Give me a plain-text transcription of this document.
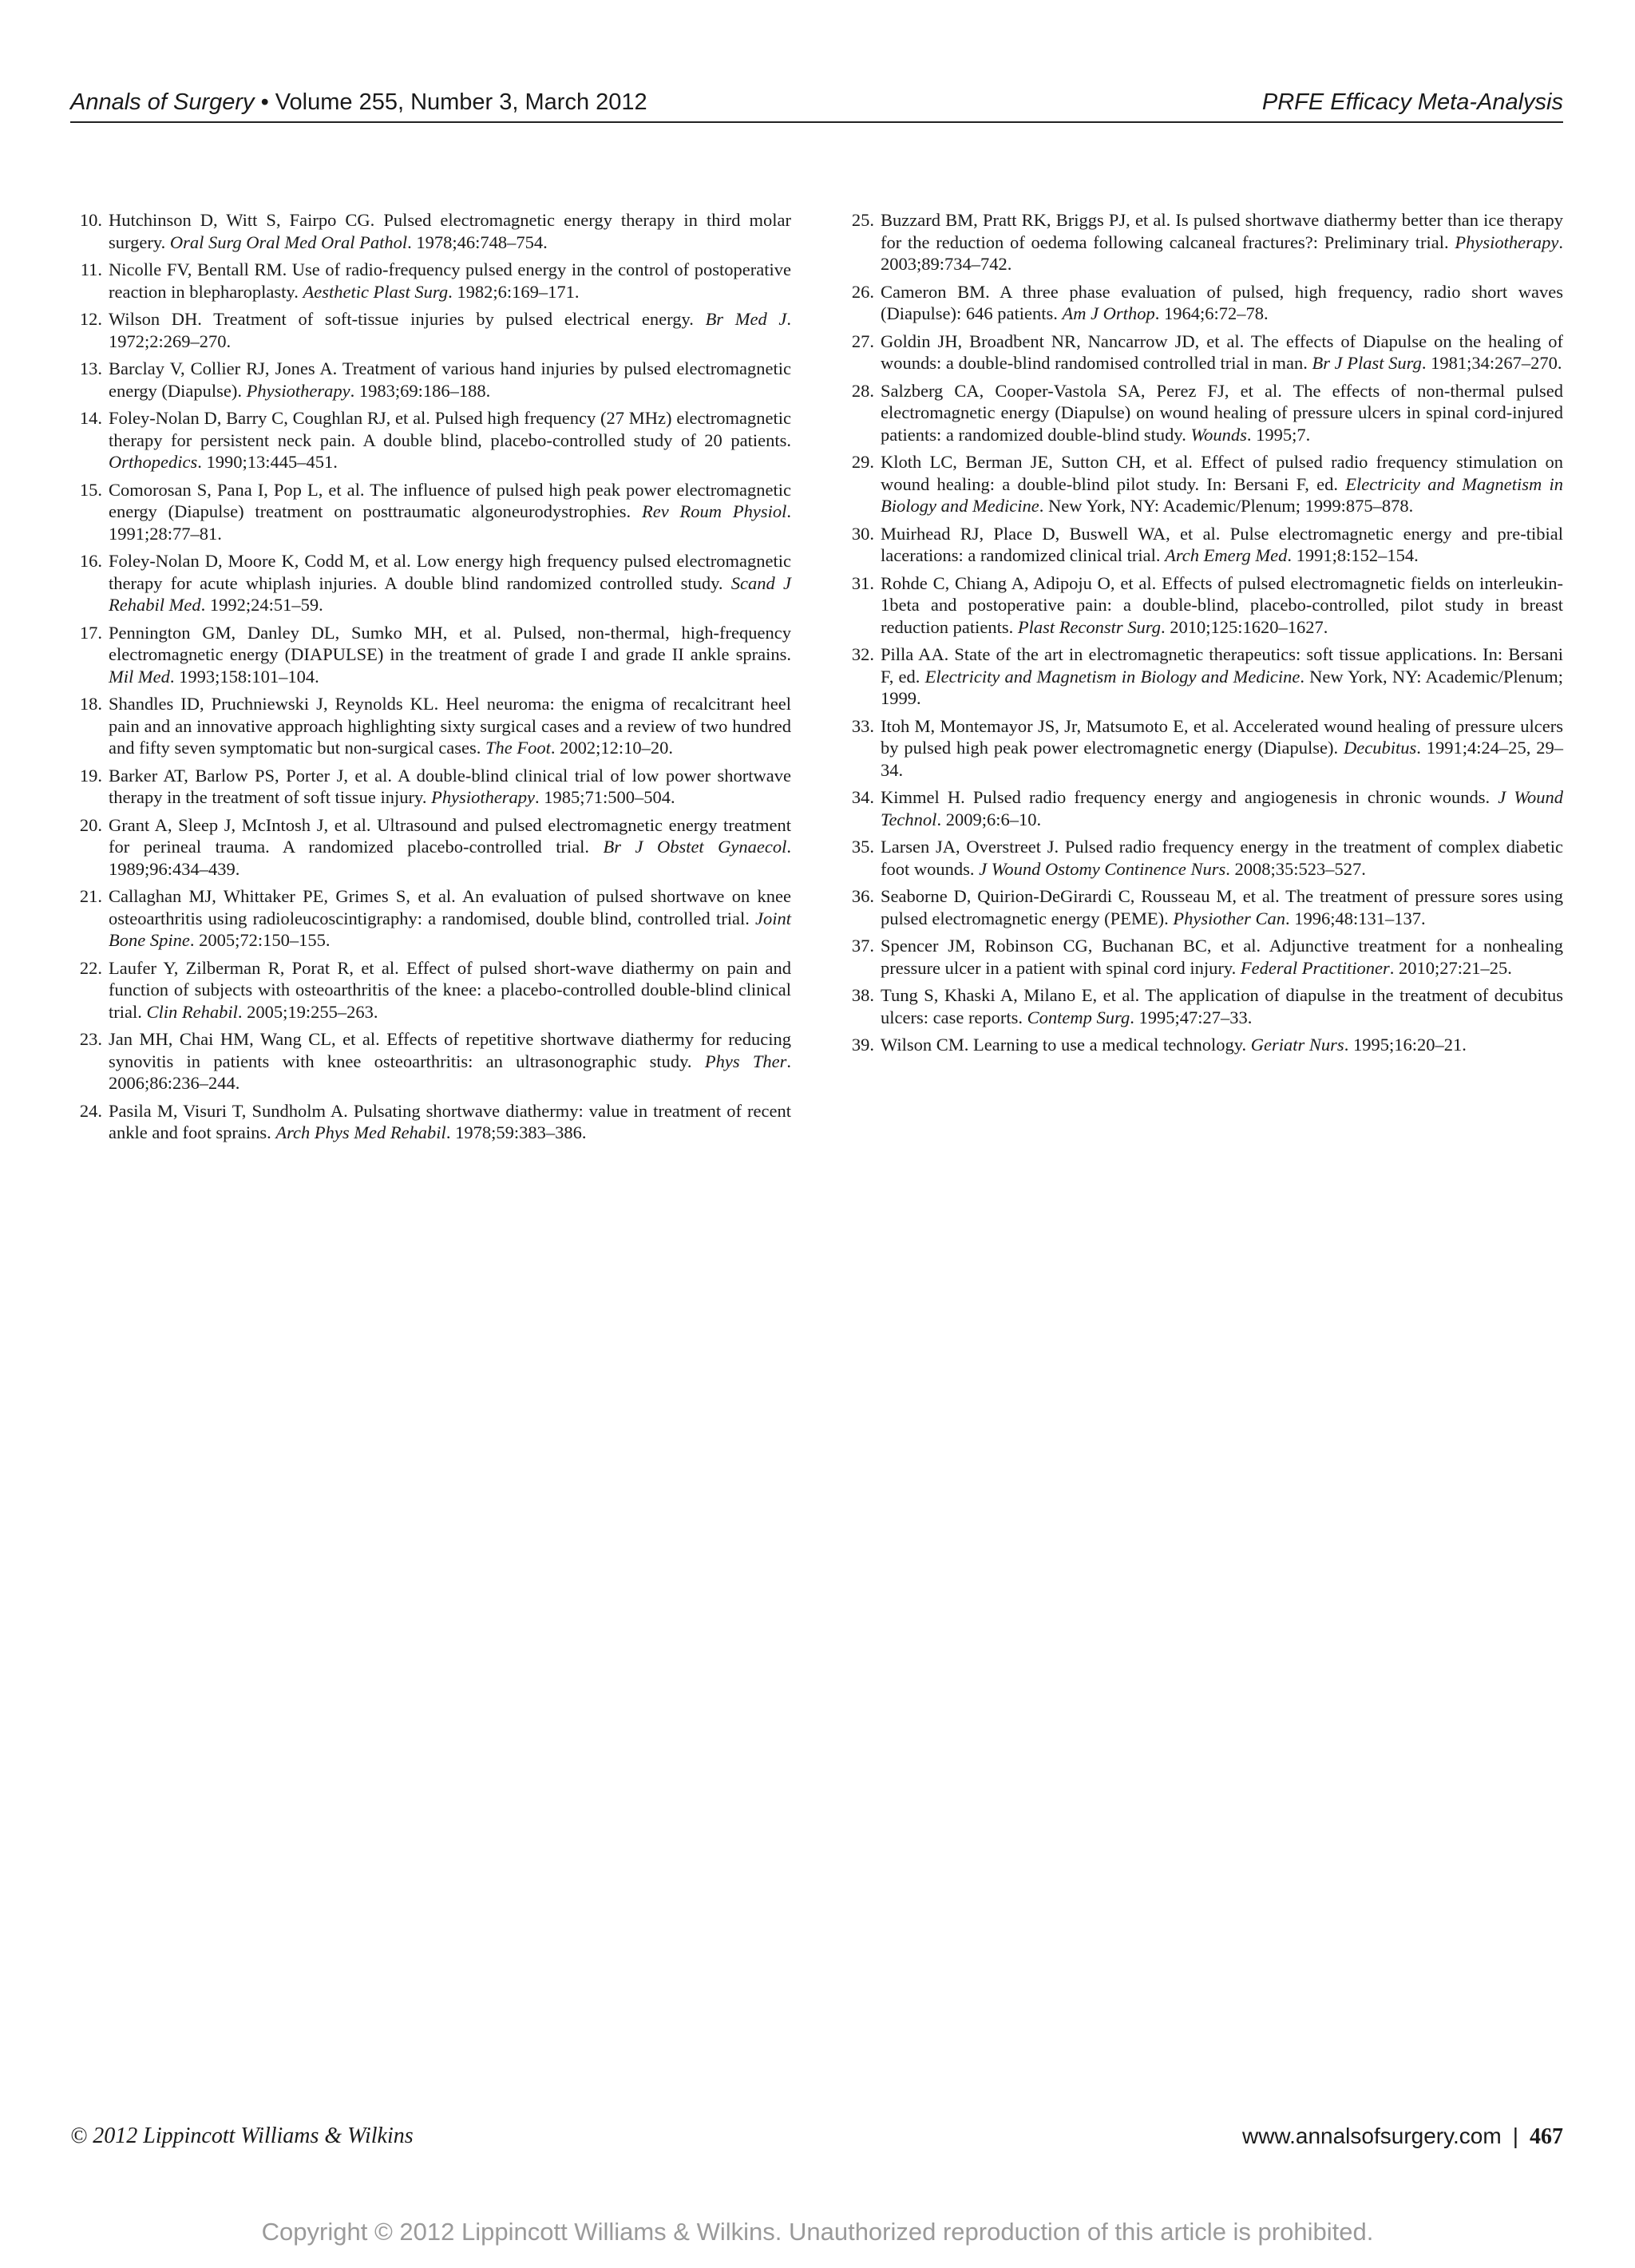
Annals of Surgery • Volume 255, Number 3, March 2012	PRFE Efficacy Meta-Analysis
10. Hutchinson D, Witt S, Fairpo CG. Pulsed electromagnetic energy therapy in third molar surgery. Oral Surg Oral Med Oral Pathol. 1978;46:748–754.
11. Nicolle FV, Bentall RM. Use of radio-frequency pulsed energy in the control of postoperative reaction in blepharoplasty. Aesthetic Plast Surg. 1982;6:169–171.
12. Wilson DH. Treatment of soft-tissue injuries by pulsed electrical energy. Br Med J. 1972;2:269–270.
13. Barclay V, Collier RJ, Jones A. Treatment of various hand injuries by pulsed electromagnetic energy (Diapulse). Physiotherapy. 1983;69:186–188.
14. Foley-Nolan D, Barry C, Coughlan RJ, et al. Pulsed high frequency (27 MHz) electromagnetic therapy for persistent neck pain. A double blind, placebo-controlled study of 20 patients. Orthopedics. 1990;13:445–451.
15. Comorosan S, Pana I, Pop L, et al. The influence of pulsed high peak power electromagnetic energy (Diapulse) treatment on posttraumatic algoneurodystrophies. Rev Roum Physiol. 1991;28:77–81.
16. Foley-Nolan D, Moore K, Codd M, et al. Low energy high frequency pulsed electromagnetic therapy for acute whiplash injuries. A double blind randomized controlled study. Scand J Rehabil Med. 1992;24:51–59.
17. Pennington GM, Danley DL, Sumko MH, et al. Pulsed, non-thermal, high-frequency electromagnetic energy (DIAPULSE) in the treatment of grade I and grade II ankle sprains. Mil Med. 1993;158:101–104.
18. Shandles ID, Pruchniewski J, Reynolds KL. Heel neuroma: the enigma of recalcitrant heel pain and an innovative approach highlighting sixty surgical cases and a review of two hundred and fifty seven symptomatic but non-surgical cases. The Foot. 2002;12:10–20.
19. Barker AT, Barlow PS, Porter J, et al. A double-blind clinical trial of low power shortwave therapy in the treatment of soft tissue injury. Physiotherapy. 1985;71:500–504.
20. Grant A, Sleep J, McIntosh J, et al. Ultrasound and pulsed electromagnetic energy treatment for perineal trauma. A randomized placebo-controlled trial. Br J Obstet Gynaecol. 1989;96:434–439.
21. Callaghan MJ, Whittaker PE, Grimes S, et al. An evaluation of pulsed shortwave on knee osteoarthritis using radioleucoscintigraphy: a randomised, double blind, controlled trial. Joint Bone Spine. 2005;72:150–155.
22. Laufer Y, Zilberman R, Porat R, et al. Effect of pulsed short-wave diathermy on pain and function of subjects with osteoarthritis of the knee: a placebo-controlled double-blind clinical trial. Clin Rehabil. 2005;19:255–263.
23. Jan MH, Chai HM, Wang CL, et al. Effects of repetitive shortwave diathermy for reducing synovitis in patients with knee osteoarthritis: an ultrasonographic study. Phys Ther. 2006;86:236–244.
24. Pasila M, Visuri T, Sundholm A. Pulsating shortwave diathermy: value in treatment of recent ankle and foot sprains. Arch Phys Med Rehabil. 1978;59:383–386.
25. Buzzard BM, Pratt RK, Briggs PJ, et al. Is pulsed shortwave diathermy better than ice therapy for the reduction of oedema following calcaneal fractures?: Preliminary trial. Physiotherapy. 2003;89:734–742.
26. Cameron BM. A three phase evaluation of pulsed, high frequency, radio short waves (Diapulse): 646 patients. Am J Orthop. 1964;6:72–78.
27. Goldin JH, Broadbent NR, Nancarrow JD, et al. The effects of Diapulse on the healing of wounds: a double-blind randomised controlled trial in man. Br J Plast Surg. 1981;34:267–270.
28. Salzberg CA, Cooper-Vastola SA, Perez FJ, et al. The effects of non-thermal pulsed electromagnetic energy (Diapulse) on wound healing of pressure ulcers in spinal cord-injured patients: a randomized double-blind study. Wounds. 1995;7.
29. Kloth LC, Berman JE, Sutton CH, et al. Effect of pulsed radio frequency stimulation on wound healing: a double-blind pilot study. In: Bersani F, ed. Electricity and Magnetism in Biology and Medicine. New York, NY: Academic/Plenum; 1999:875–878.
30. Muirhead RJ, Place D, Buswell WA, et al. Pulse electromagnetic energy and pre-tibial lacerations: a randomized clinical trial. Arch Emerg Med. 1991;8:152–154.
31. Rohde C, Chiang A, Adipoju O, et al. Effects of pulsed electromagnetic fields on interleukin-1beta and postoperative pain: a double-blind, placebo-controlled, pilot study in breast reduction patients. Plast Reconstr Surg. 2010;125:1620–1627.
32. Pilla AA. State of the art in electromagnetic therapeutics: soft tissue applications. In: Bersani F, ed. Electricity and Magnetism in Biology and Medicine. New York, NY: Academic/Plenum; 1999.
33. Itoh M, Montemayor JS, Jr, Matsumoto E, et al. Accelerated wound healing of pressure ulcers by pulsed high peak power electromagnetic energy (Diapulse). Decubitus. 1991;4:24–25, 29–34.
34. Kimmel H. Pulsed radio frequency energy and angiogenesis in chronic wounds. J Wound Technol. 2009;6:6–10.
35. Larsen JA, Overstreet J. Pulsed radio frequency energy in the treatment of complex diabetic foot wounds. J Wound Ostomy Continence Nurs. 2008;35:523–527.
36. Seaborne D, Quirion-DeGirardi C, Rousseau M, et al. The treatment of pressure sores using pulsed electromagnetic energy (PEME). Physiother Can. 1996;48:131–137.
37. Spencer JM, Robinson CG, Buchanan BC, et al. Adjunctive treatment for a nonhealing pressure ulcer in a patient with spinal cord injury. Federal Practitioner. 2010;27:21–25.
38. Tung S, Khaski A, Milano E, et al. The application of diapulse in the treatment of decubitus ulcers: case reports. Contemp Surg. 1995;47:27–33.
39. Wilson CM. Learning to use a medical technology. Geriatr Nurs. 1995;16:20–21.
© 2012 Lippincott Williams & Wilkins	www.annalsofsurgery.com | 467
Copyright © 2012 Lippincott Williams & Wilkins. Unauthorized reproduction of this article is prohibited.
